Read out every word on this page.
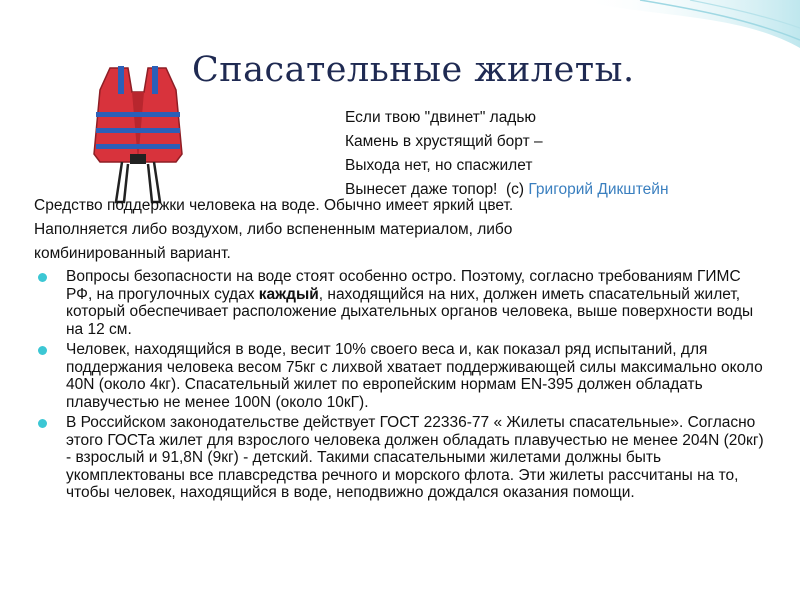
Спасательные жилеты.
Средство поддержки человека на воде. Обычно имеет яркий цвет.
Наполняется либо воздухом, либо вспененным материалом, либо
комбинированный вариант.
Если твою "двинет" ладью
Камень в хрустящий борт –
Выхода нет, но спасжилет
Вынесет даже топор! (с) Григорий Дикштейн
Вопросы безопасности на воде стоят особенно остро. Поэтому, согласно требованиям ГИМС РФ, на прогулочных судах каждый, находящийся на них, должен иметь спасательный жилет, который обеспечивает расположение дыхательных органов человека, выше поверхности воды на 12 см.
Человек, находящийся в воде, весит 10% своего веса и, как показал ряд испытаний, для поддержания человека весом 75кг с лихвой хватает поддерживающей силы максимально около 40N (около 4кг). Спасательный жилет по европейским нормам EN-395 должен обладать плавучестью не менее 100N (около 10кГ).
В Российском законодательстве действует ГОСТ 22336-77 « Жилеты спасательные». Согласно этого ГОСТа жилет для взрослого человека должен обладать плавучестью не менее 204N (20кг) - взрослый и 91,8N (9кг) - детский. Такими спасательными жилетами должны быть укомплектованы все плавсредства речного и морского флота. Эти жилеты рассчитаны на то, чтобы человек, находящийся в воде, неподвижно дождался оказания помощи.
